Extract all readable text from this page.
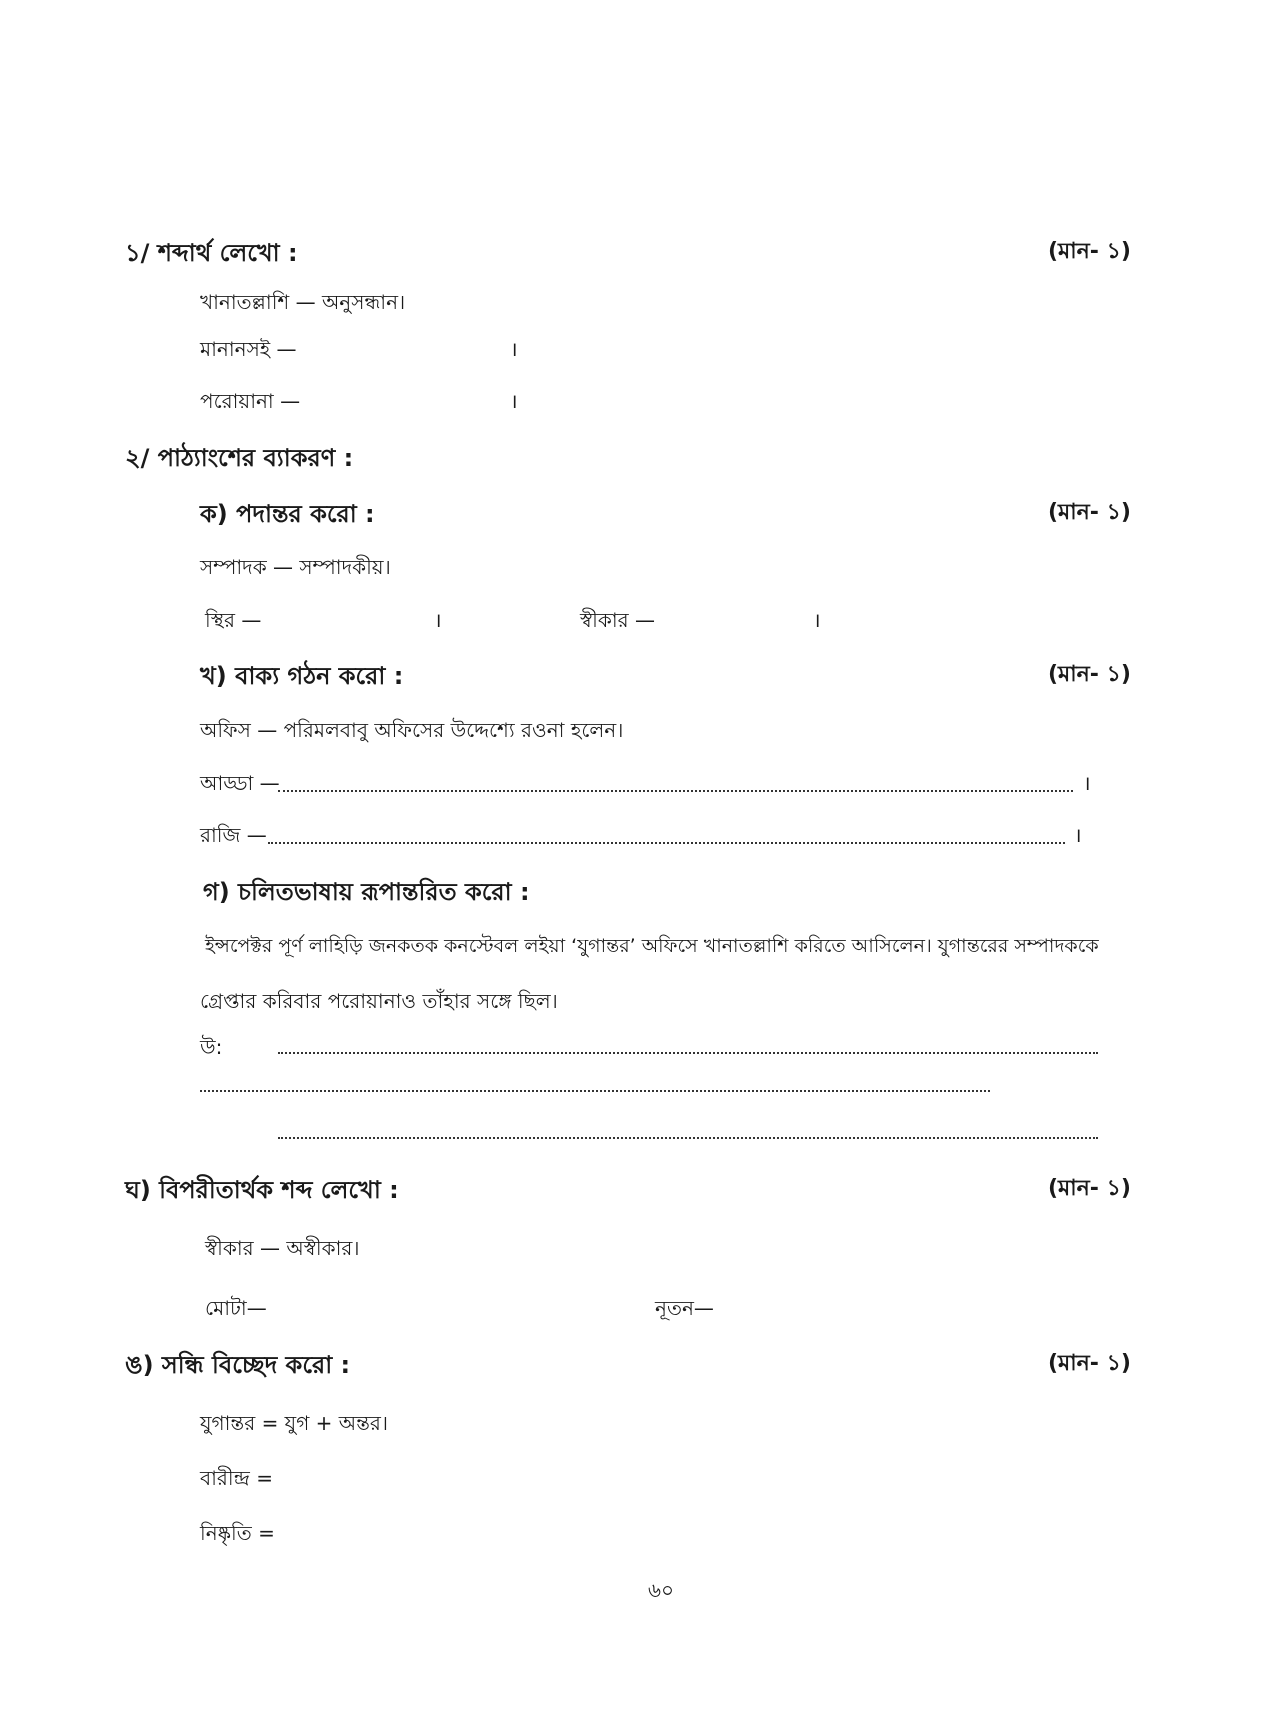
১/ শব্দার্থ লেখো :	(মান- ১)
খানাতল্লাশি — অনুসন্ধান।
মানানসই —	।
পরোয়ানা —	।
২/ পাঠ্যাংশের ব্যাকরণ :
ক) পদান্তর করো :	(মান- ১)
সম্পাদক — সম্পাদকীয়।
স্থির —	।	স্বীকার —	।
খ) বাক্য গঠন করো :	(মান- ১)
অফিস — পরিমলবাবু অফিসের উদ্দেশ্যে রওনা হলেন।
আড্ডা —	।
রাজি —	।
গ) চলিতভাষায় রূপান্তরিত করো :
ইন্সপেক্টর পূর্ণ লাহিড়ি জনকতক কনস্টেবল লইয়া ‘যুগান্তর’ অফিসে খানাতল্লাশি করিতে আসিলেন। যুগান্তরের সম্পাদককে
গ্রেপ্তার করিবার পরোয়ানাও তাঁহার সঙ্গে ছিল।
উ:
ঘ) বিপরীতার্থক শব্দ লেখো :	(মান- ১)
স্বীকার — অস্বীকার।
মোটা—	নূতন—
ঙ) সন্ধি বিচ্ছেদ করো :	(মান- ১)
যুগান্তর = যুগ + অন্তর।
বারীন্দ্র =
নিষ্কৃতি =
৬০
